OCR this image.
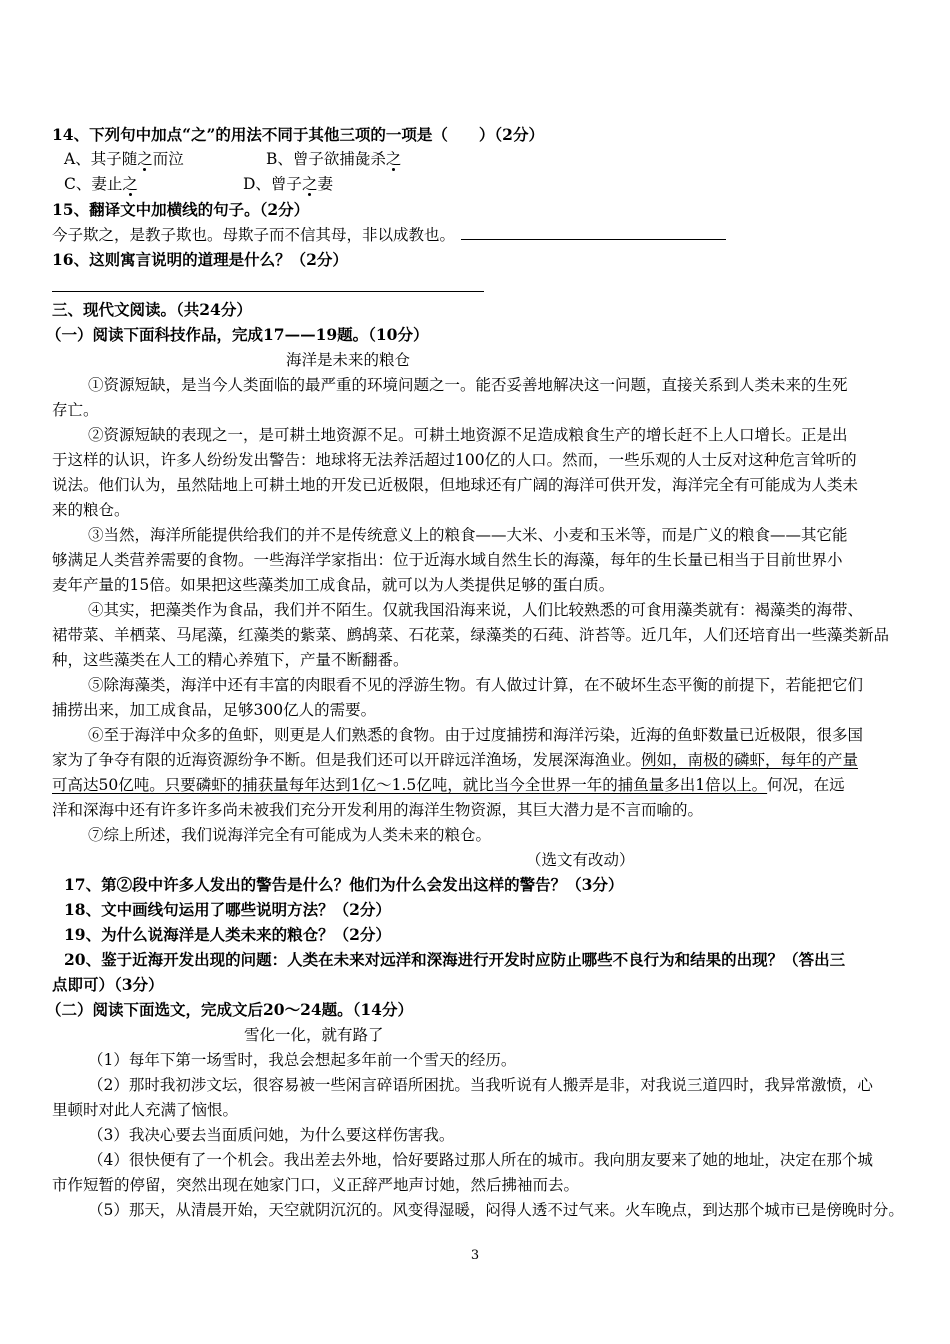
14、下列句中加点“之”的用法不同于其他三项的一项是（　　）（2分）
A、其子随之而泣	B、曾子欲捕彘杀之
C、妻止之	D、曾子之妻
15、翻译文中加横线的句子。（2分）
今子欺之，是教子欺也。母欺子而不信其母，非以成教也。
16、这则寓言说明的道理是什么？（2分）
三、现代文阅读。（共24分）
（一）阅读下面科技作品，完成17——19题。（10分）
海洋是未来的粮仓
①资源短缺，是当今人类面临的最严重的环境问题之一。能否妥善地解决这一问题，直接关系到人类未来的生死
存亡。
②资源短缺的表现之一，是可耕土地资源不足。可耕土地资源不足造成粮食生产的增长赶不上人口增长。正是出
于这样的认识，许多人纷纷发出警告：地球将无法养活超过100亿的人口。然而，一些乐观的人士反对这种危言耸听的
说法。他们认为，虽然陆地上可耕土地的开发已近极限，但地球还有广阔的海洋可供开发，海洋完全有可能成为人类未
来的粮仓。
③当然，海洋所能提供给我们的并不是传统意义上的粮食——大米、小麦和玉米等，而是广义的粮食——其它能
够满足人类营养需要的食物。一些海洋学家指出：位于近海水域自然生长的海藻，每年的生长量已相当于目前世界小
麦年产量的15倍。如果把这些藻类加工成食品，就可以为人类提供足够的蛋白质。
④其实，把藻类作为食品，我们并不陌生。仅就我国沿海来说，人们比较熟悉的可食用藻类就有：褐藻类的海带、
裙带菜、羊栖菜、马尾藻，红藻类的紫菜、鹧鸪菜、石花菜，绿藻类的石莼、浒苔等。近几年，人们还培育出一些藻类新品
种，这些藻类在人工的精心养殖下，产量不断翻番。
⑤除海藻类，海洋中还有丰富的肉眼看不见的浮游生物。有人做过计算，在不破坏生态平衡的前提下，若能把它们
捕捞出来，加工成食品，足够300亿人的需要。
⑥至于海洋中众多的鱼虾，则更是人们熟悉的食物。由于过度捕捞和海洋污染，近海的鱼虾数量已近极限，很多国
家为了争夺有限的近海资源纷争不断。但是我们还可以开辟远洋渔场，发展深海渔业。例如，南极的磷虾，每年的产量
可高达50亿吨。只要磷虾的捕获量每年达到1亿～1.5亿吨，就比当今全世界一年的捕鱼量多出1倍以上。何况，在远
洋和深海中还有许多许多尚未被我们充分开发利用的海洋生物资源，其巨大潜力是不言而喻的。
⑦综上所述，我们说海洋完全有可能成为人类未来的粮仓。
（选文有改动）
17、第②段中许多人发出的警告是什么？他们为什么会发出这样的警告？（3分）
18、文中画线句运用了哪些说明方法？（2分）
19、为什么说海洋是人类未来的粮仓？（2分）
20、鉴于近海开发出现的问题：人类在未来对远洋和深海进行开发时应防止哪些不良行为和结果的出现？（答出三
点即可）（3分）
（二）阅读下面选文，完成文后20～24题。（14分）
雪化一化，就有路了
（1）每年下第一场雪时，我总会想起多年前一个雪天的经历。
（2）那时我初涉文坛，很容易被一些闲言碎语所困扰。当我听说有人搬弄是非，对我说三道四时，我异常激愤，心
里顿时对此人充满了恼恨。
（3）我决心要去当面质问她，为什么要这样伤害我。
（4）很快便有了一个机会。我出差去外地，恰好要路过那人所在的城市。我向朋友要来了她的地址，决定在那个城
市作短暂的停留，突然出现在她家门口，义正辞严地声讨她，然后拂袖而去。
（5）那天，从清晨开始，天空就阴沉沉的。风变得湿暖，闷得人透不过气来。火车晚点，到达那个城市已是傍晚时分。
3
